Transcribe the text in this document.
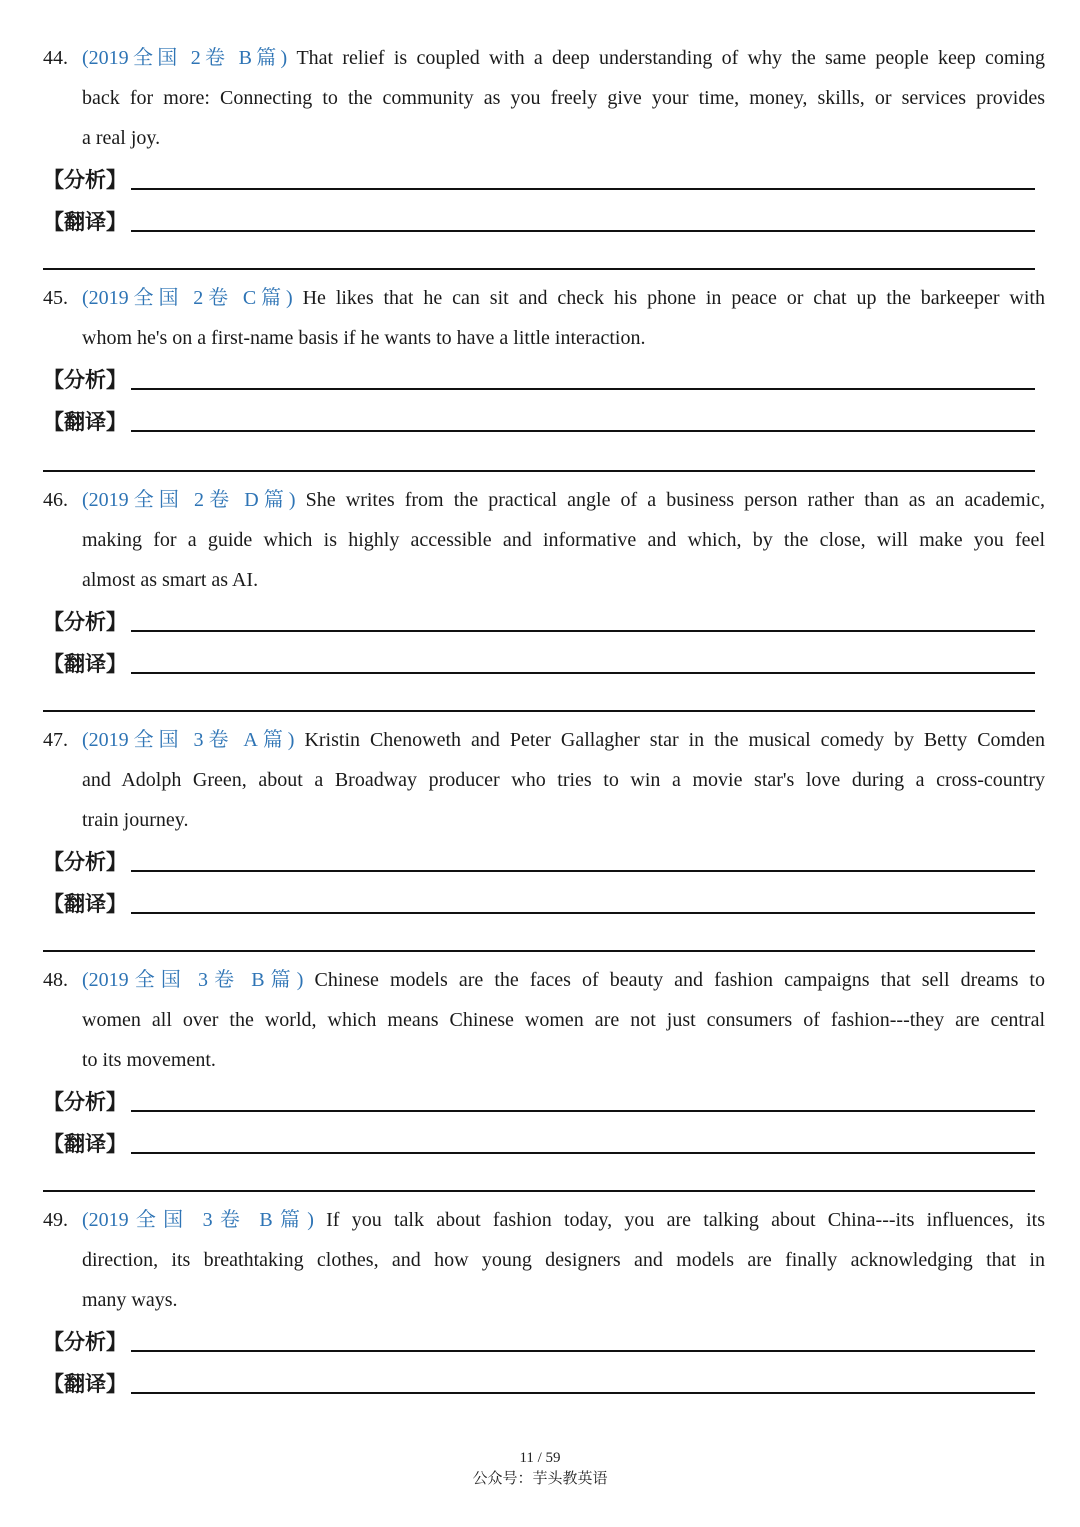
44. (2019全国 2卷 B篇) That relief is coupled with a deep understanding of why the same people keep coming
back for more: Connecting to the community as you freely give your time, money, skills, or services provides
a real joy.
【分析】
【翻译】
45. (2019全国 2卷 C篇) He likes that he can sit and check his phone in peace or chat up the barkeeper with
whom he's on a first-name basis if he wants to have a little interaction.
【分析】
【翻译】
46. (2019全国 2卷 D篇) She writes from the practical angle of a business person rather than as an academic,
making for a guide which is highly accessible and informative and which, by the close, will make you feel
almost as smart as AI.
【分析】
【翻译】
47. (2019全国 3卷 A篇) Kristin Chenoweth and Peter Gallagher star in the musical comedy by Betty Comden
and Adolph Green, about a Broadway producer who tries to win a movie star's love during a cross-country
train journey.
【分析】
【翻译】
48. (2019全国 3卷 B篇) Chinese models are the faces of beauty and fashion campaigns that sell dreams to
women all over the world, which means Chinese women are not just consumers of fashion---they are central
to its movement.
【分析】
【翻译】
49. (2019全国 3卷 B篇) If you talk about fashion today, you are talking about China---its influences, its
direction, its breathtaking clothes, and how young designers and models are finally acknowledging that in
many ways.
【分析】
【翻译】
11 / 59
公众号：芋头教英语
